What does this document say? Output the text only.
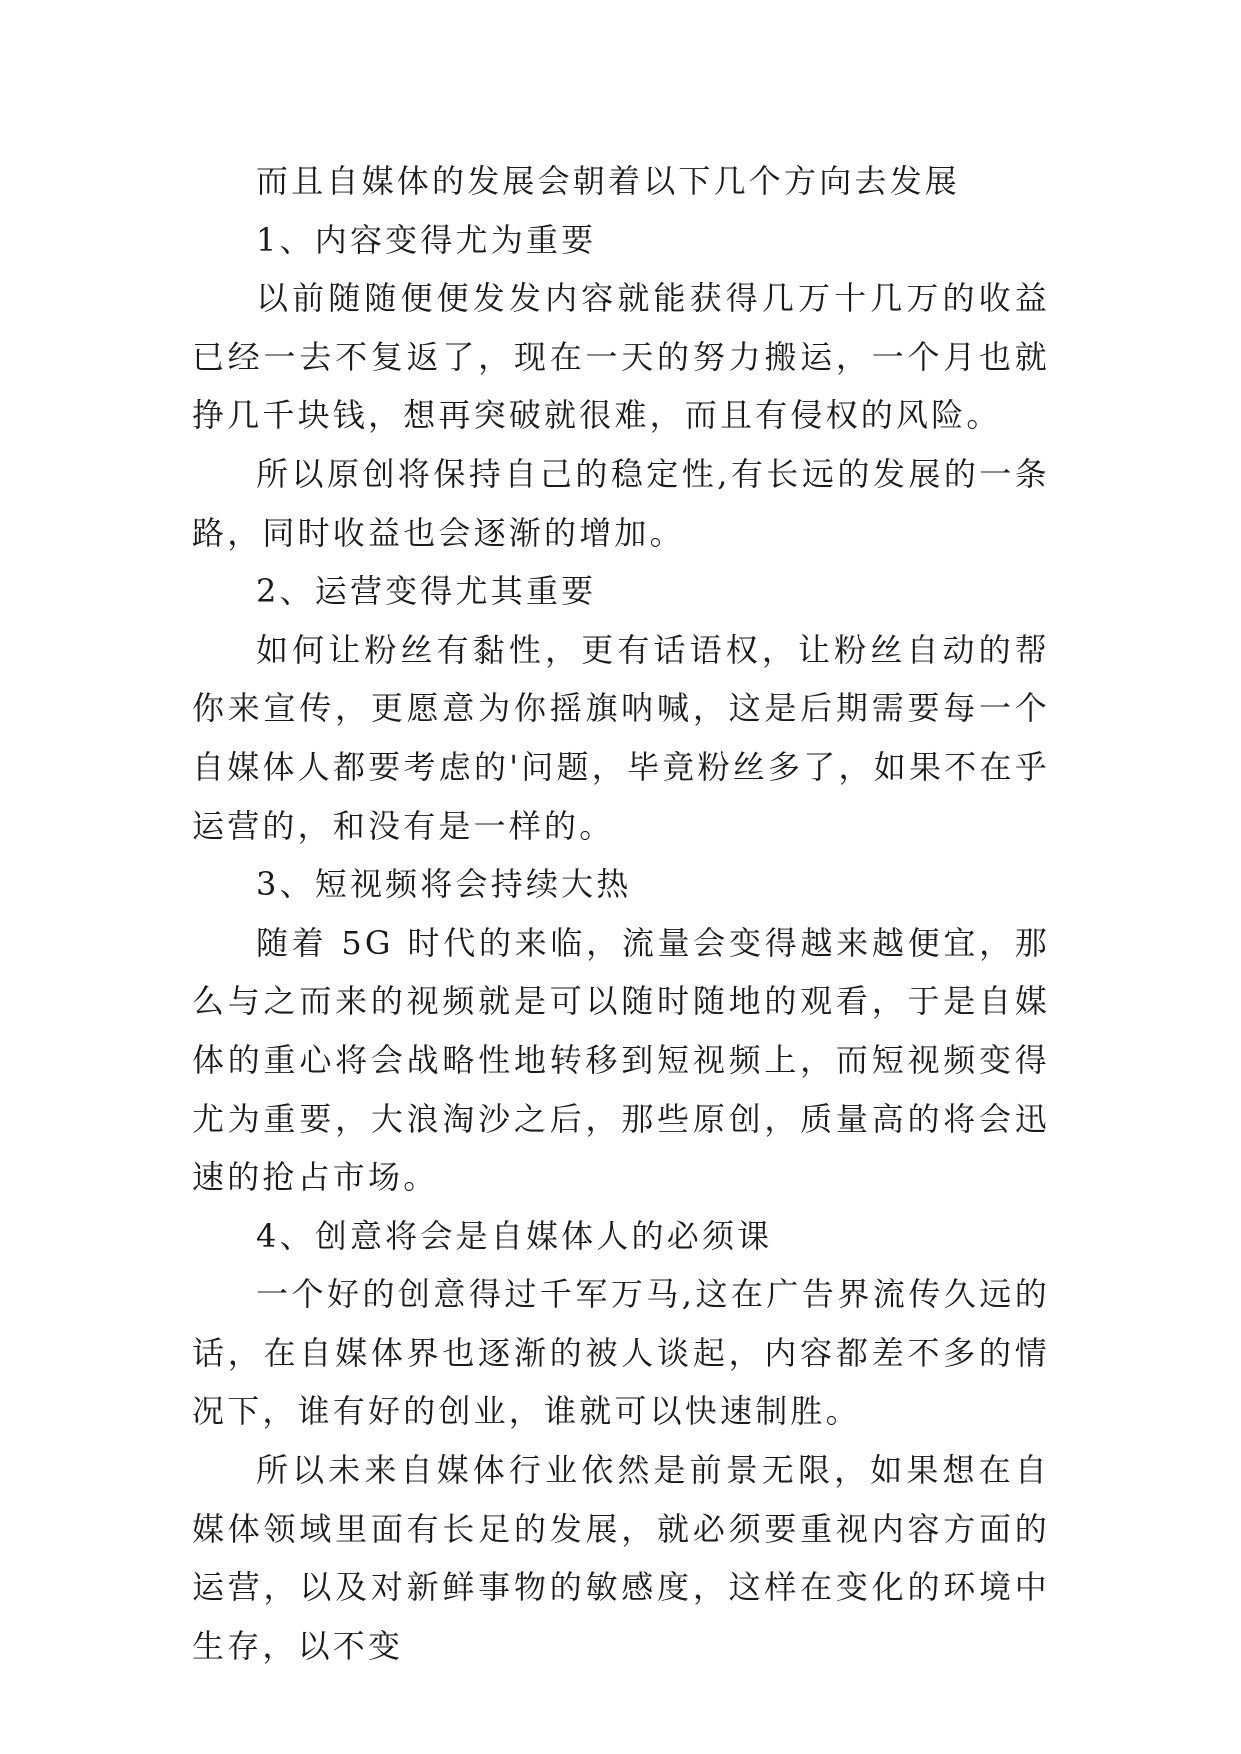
而且自媒体的发展会朝着以下几个方向去发展

1、内容变得尤为重要

以前随随便便发发内容就能获得几万十几万的收益已经一去不复返了，现在一天的努力搬运，一个月也就挣几千块钱，想再突破就很难，而且有侵权的风险。

所以原创将保持自己的稳定性,有长远的发展的一条路，同时收益也会逐渐的增加。

2、运营变得尤其重要

如何让粉丝有黏性，更有话语权，让粉丝自动的帮你来宣传，更愿意为你摇旗呐喊，这是后期需要每一个自媒体人都要考虑的'问题，毕竟粉丝多了，如果不在乎运营的，和没有是一样的。

3、短视频将会持续大热

随着 5G 时代的来临，流量会变得越来越便宜，那么与之而来的视频就是可以随时随地的观看，于是自媒体的重心将会战略性地转移到短视频上，而短视频变得尤为重要，大浪淘沙之后，那些原创，质量高的将会迅速的抢占市场。

4、创意将会是自媒体人的必须课

一个好的创意得过千军万马,这在广告界流传久远的话，在自媒体界也逐渐的被人谈起，内容都差不多的情况下，谁有好的创业，谁就可以快速制胜。

所以未来自媒体行业依然是前景无限，如果想在自媒体领域里面有长足的发展，就必须要重视内容方面的运营，以及对新鲜事物的敏感度，这样在变化的环境中生存，以不变
